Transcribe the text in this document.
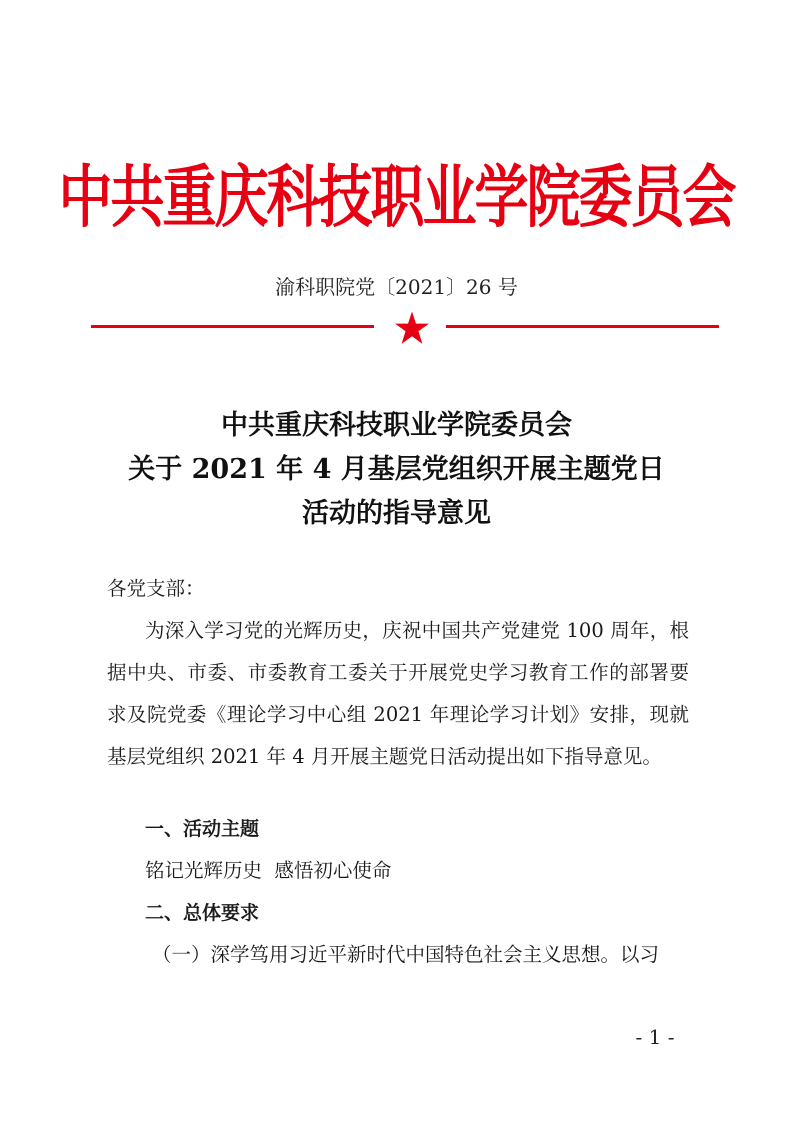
中共重庆科技职业学院委员会
渝科职院党〔2021〕26 号
中共重庆科技职业学院委员会
关于 2021 年 4 月基层党组织开展主题党日
活动的指导意见
各党支部：

为深入学习党的光辉历史，庆祝中国共产党建党 100 周年，根据中央、市委、市委教育工委关于开展党史学习教育工作的部署要求及院党委《理论学习中心组 2021 年理论学习计划》安排，现就基层党组织 2021 年 4 月开展主题党日活动提出如下指导意见。

一、活动主题
铭记光辉历史  感悟初心使命
二、总体要求
（一）深学笃用习近平新时代中国特色社会主义思想。以习
- 1 -
